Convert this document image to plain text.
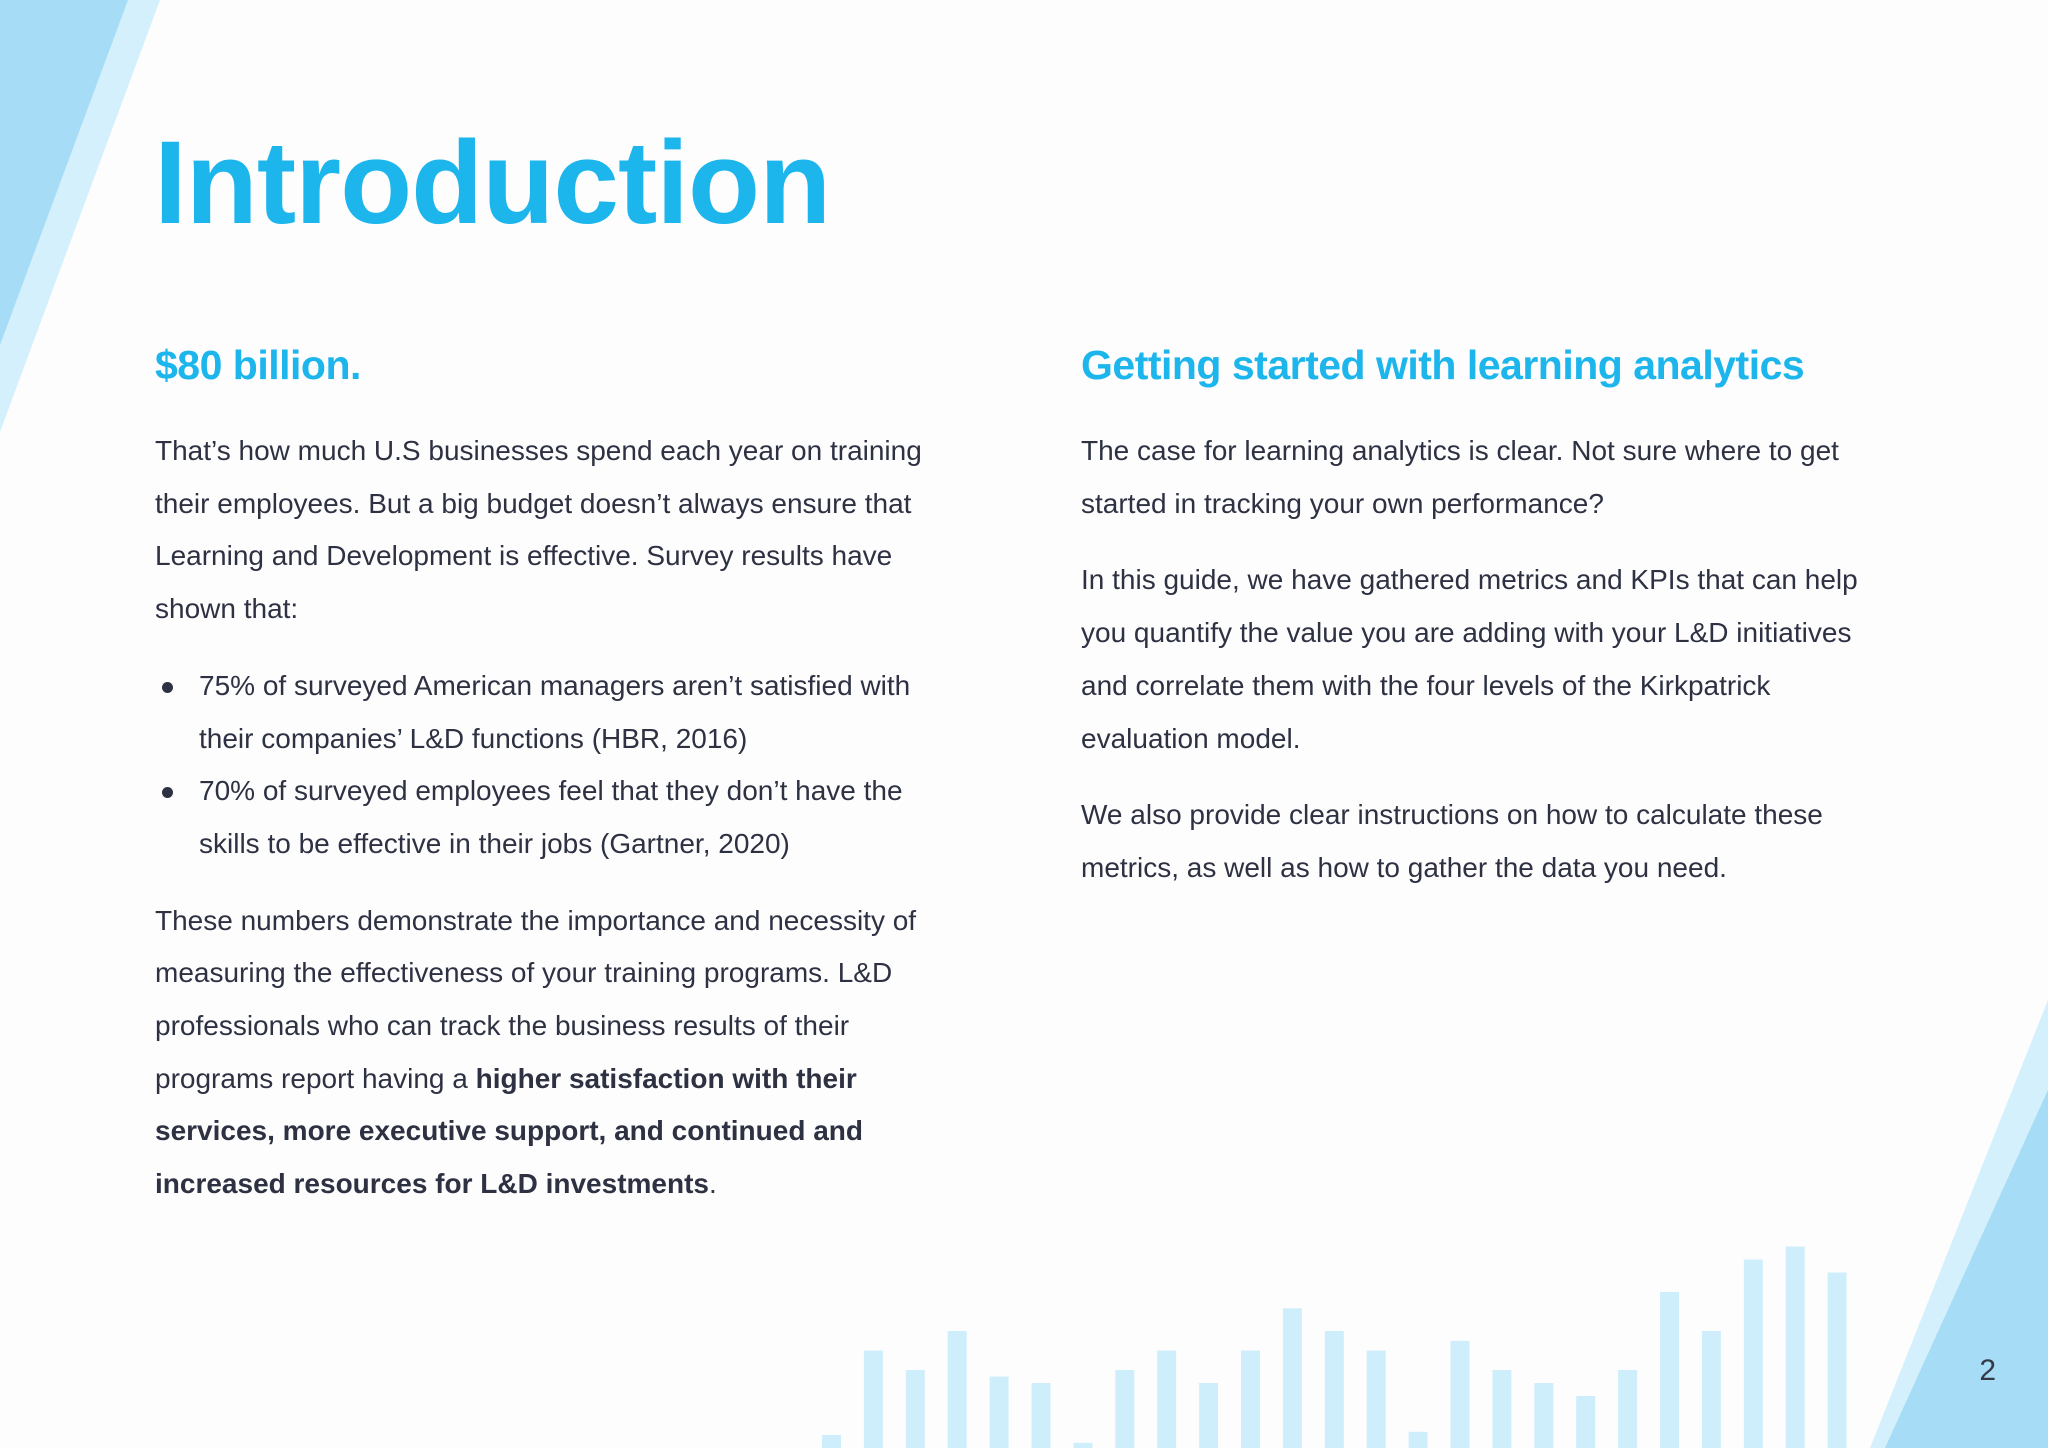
Introduction
$80 billion.

That’s how much U.S businesses spend each year on training
their employees. But a big budget doesn’t always ensure that
Learning and Development is effective. Survey results have
shown that:

75% of surveyed American managers aren’t satisfied with
their companies’ L&D functions (HBR, 2016)
70% of surveyed employees feel that they don’t have the
skills to be effective in their jobs (Gartner, 2020)

These numbers demonstrate the importance and necessity of
measuring the effectiveness of your training programs. L&D
professionals who can track the business results of their
programs report having a higher satisfaction with their
services, more executive support, and continued and
increased resources for L&D investments.

Getting started with learning analytics

The case for learning analytics is clear. Not sure where to get
started in tracking your own performance?

In this guide, we have gathered metrics and KPIs that can help
you quantify the value you are adding with your L&D initiatives
and correlate them with the four levels of the Kirkpatrick
evaluation model.

We also provide clear instructions on how to calculate these
metrics, as well as how to gather the data you need.

2
